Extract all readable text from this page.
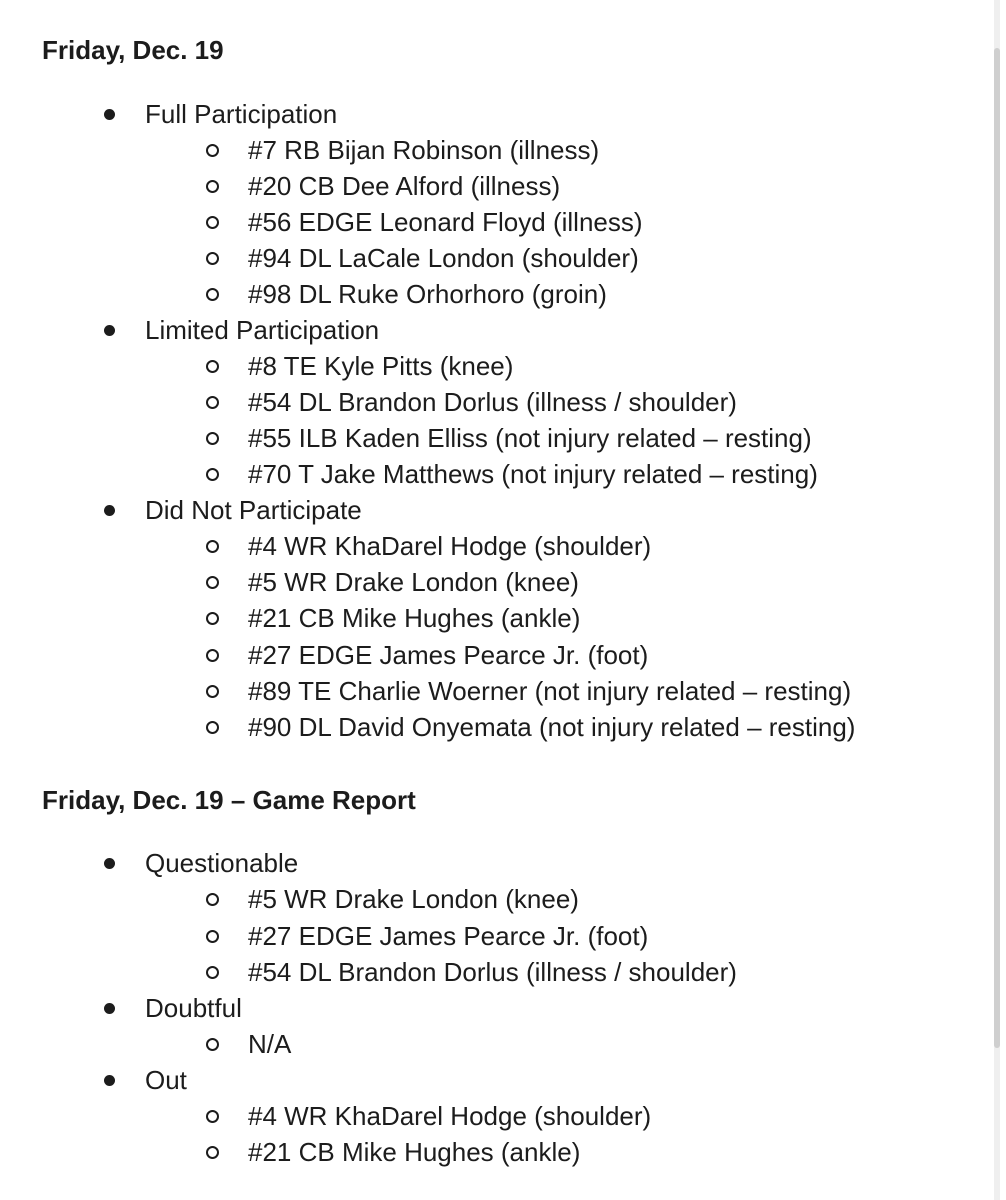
Friday, Dec. 19
Full Participation
#7 RB Bijan Robinson (illness)
#20 CB Dee Alford (illness)
#56 EDGE Leonard Floyd (illness)
#94 DL LaCale London (shoulder)
#98 DL Ruke Orhorhoro (groin)
Limited Participation
#8 TE Kyle Pitts (knee)
#54 DL Brandon Dorlus (illness / shoulder)
#55 ILB Kaden Elliss (not injury related – resting)
#70 T Jake Matthews (not injury related – resting)
Did Not Participate
#4 WR KhaDarel Hodge (shoulder)
#5 WR Drake London (knee)
#21 CB Mike Hughes (ankle)
#27 EDGE James Pearce Jr. (foot)
#89 TE Charlie Woerner (not injury related – resting)
#90 DL David Onyemata (not injury related – resting)
Friday, Dec. 19 – Game Report
Questionable
#5 WR Drake London (knee)
#27 EDGE James Pearce Jr. (foot)
#54 DL Brandon Dorlus (illness / shoulder)
Doubtful
N/A
Out
#4 WR KhaDarel Hodge (shoulder)
#21 CB Mike Hughes (ankle)
